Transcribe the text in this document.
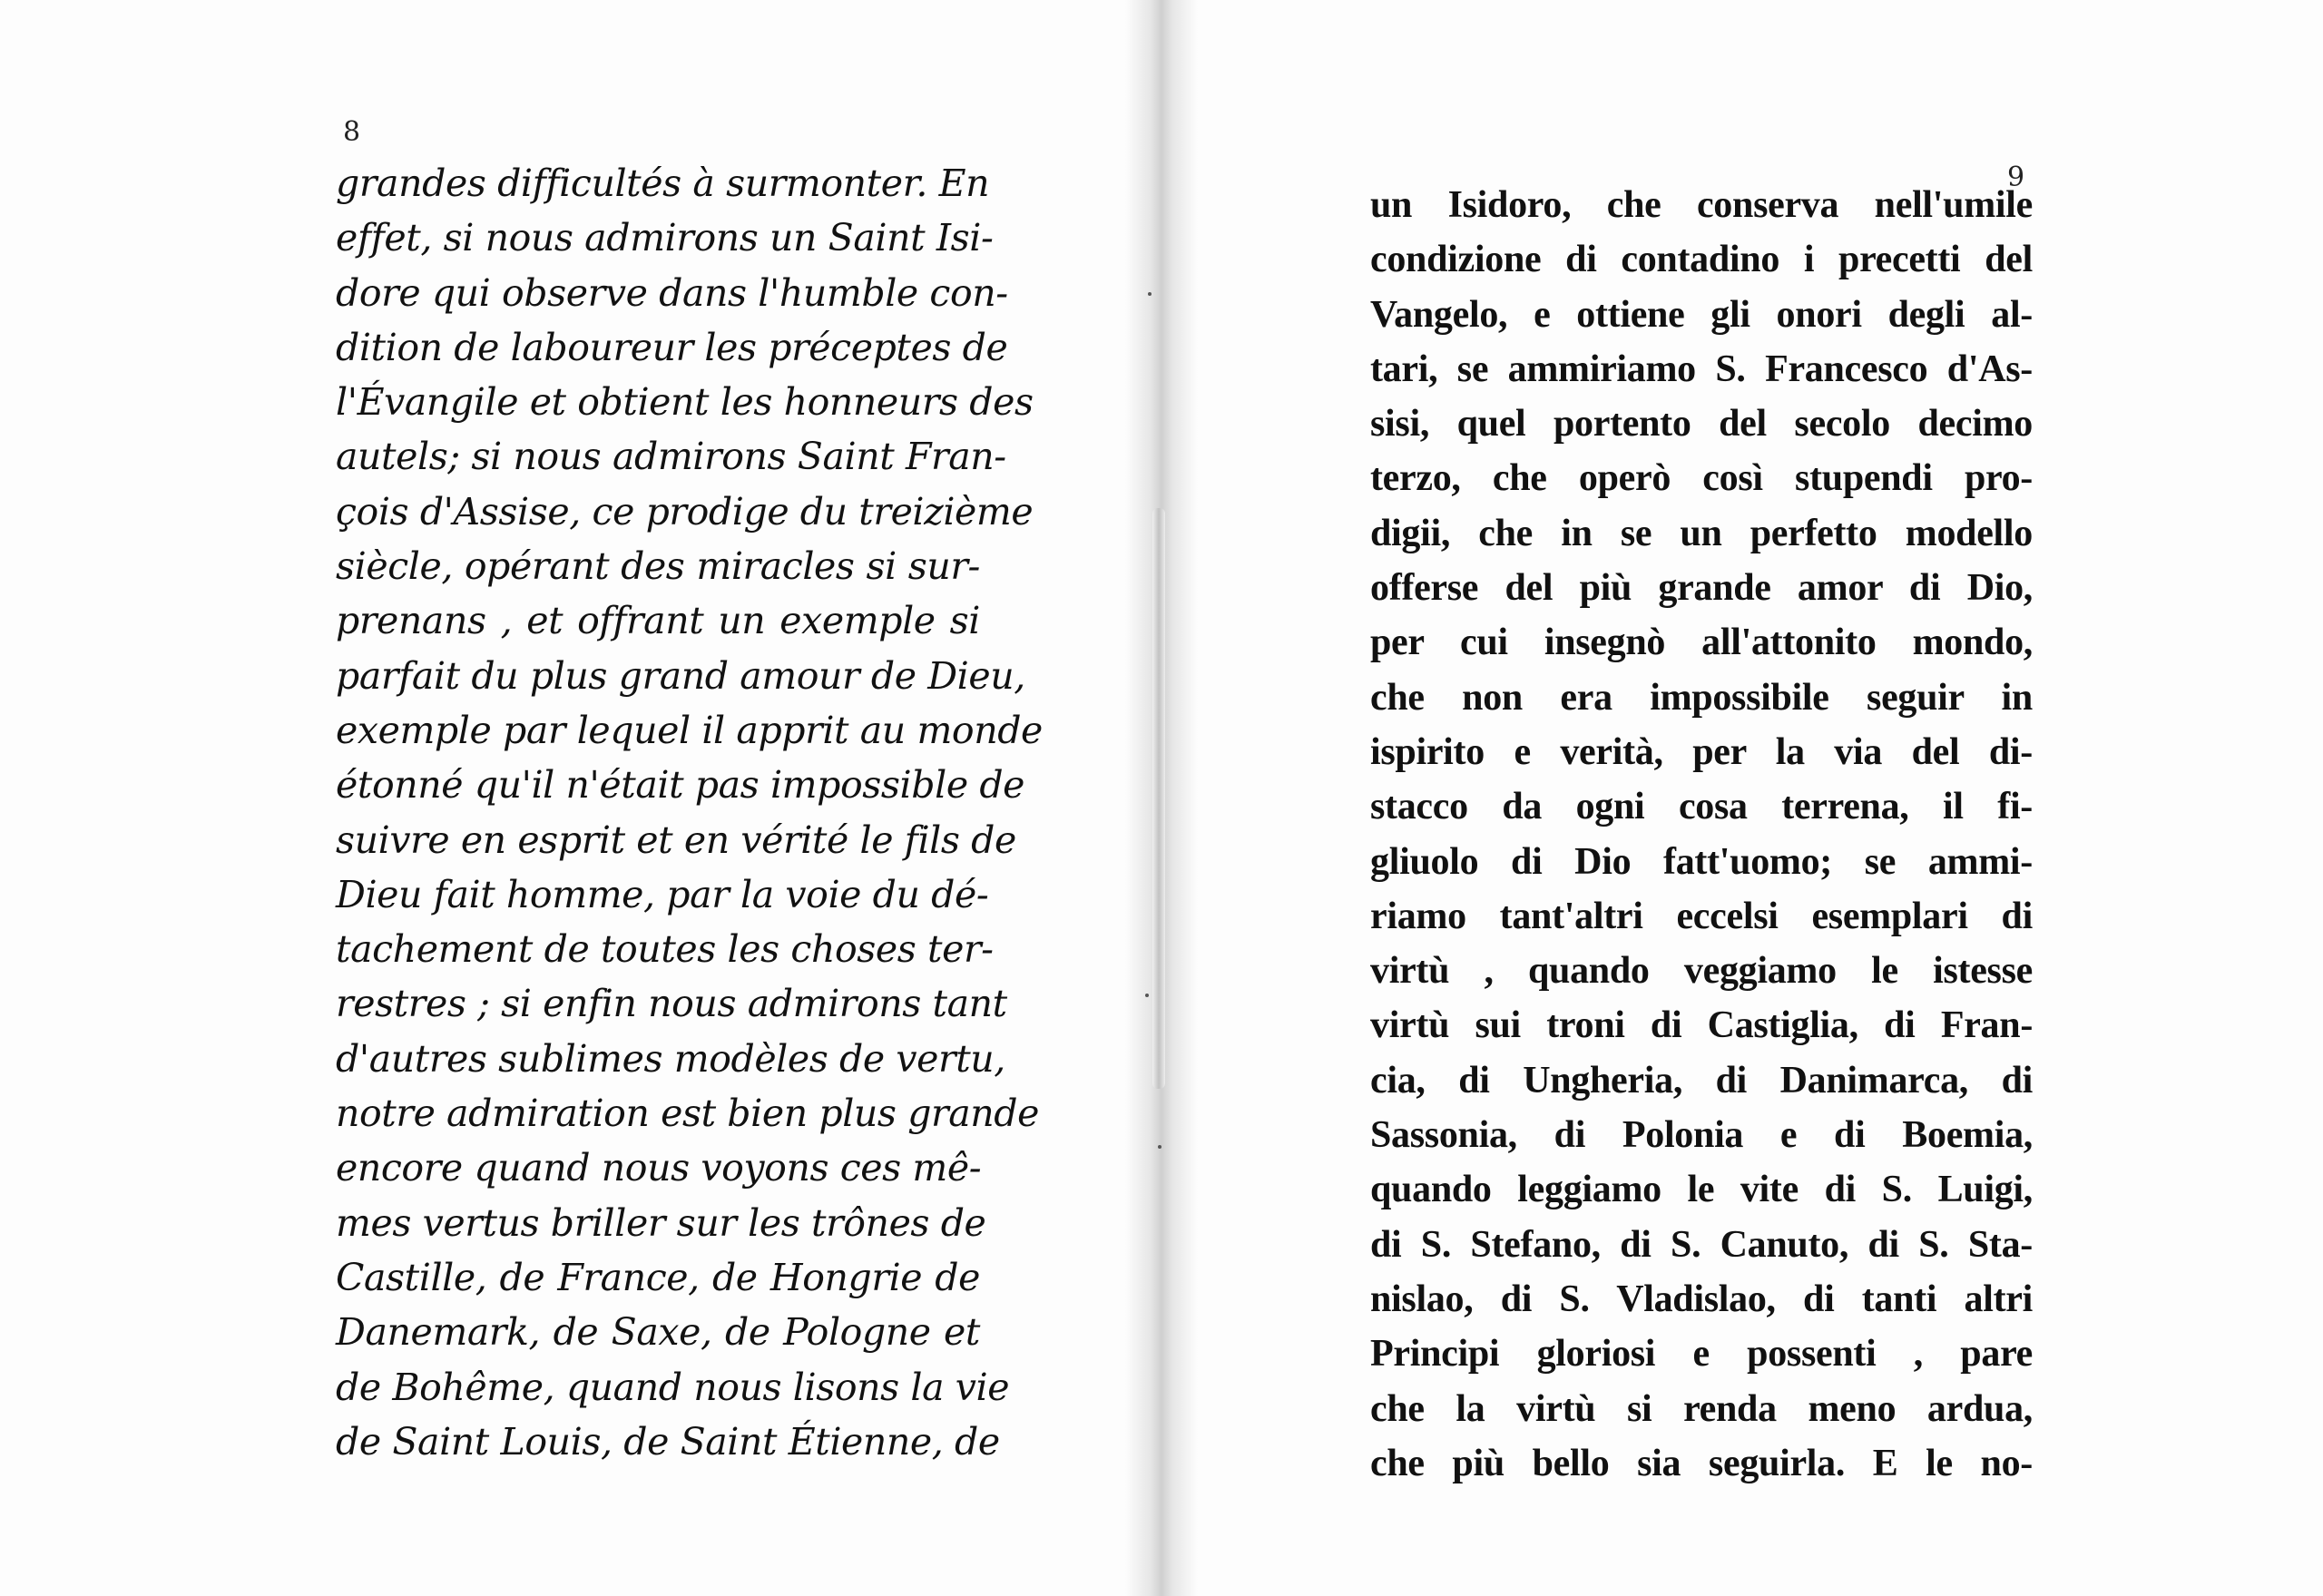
8
grandes difficultés à surmonter. En
effet, si nous admirons un Saint Isi-
dore qui observe dans l'humble con-
dition de laboureur les préceptes de
l'Évangile et obtient les honneurs des
autels; si nous admirons Saint Fran-
çois d'Assise, ce prodige du treizième
siècle, opérant des miracles si sur-
prenans , et offrant un exemple si
parfait du plus grand amour de Dieu,
exemple par lequel il apprit au monde
étonné qu'il n'était pas impossible de
suivre en esprit et en vérité le fils de
Dieu fait homme, par la voie du dé-
tachement de toutes les choses ter-
restres ; si enfin nous admirons tant
d'autres sublimes modèles de vertu,
notre admiration est bien plus grande
encore quand nous voyons ces mê-
mes vertus briller sur les trônes de
Castille, de France, de Hongrie de
Danemark, de Saxe, de Pologne et
de Bohême, quand nous lisons la vie
de Saint Louis, de Saint Étienne, de
9
un Isidoro, che conserva nell'umile
condizione di contadino i precetti del
Vangelo, e ottiene gli onori degli al-
tari, se ammiriamo S. Francesco d'As-
sisi, quel portento del secolo decimo
terzo, che operò così stupendi pro-
digii, che in se un perfetto modello
offerse del più grande amor di Dio,
per cui insegnò all'attonito mondo,
che non era impossibile seguir in
ispirito e verità, per la via del di-
stacco da ogni cosa terrena, il fi-
gliuolo di Dio fatt'uomo; se ammi-
riamo tant'altri eccelsi esemplari di
virtù , quando veggiamo le istesse
virtù sui troni di Castiglia, di Fran-
cia, di Ungheria, di Danimarca, di
Sassonia, di Polonia e di Boemia,
quando leggiamo le vite di S. Luigi,
di S. Stefano, di S. Canuto, di S. Sta-
nislao, di S. Vladislao, di tanti altri
Principi gloriosi e possenti , pare
che la virtù si renda meno ardua,
che più bello sia seguirla. E le no-
